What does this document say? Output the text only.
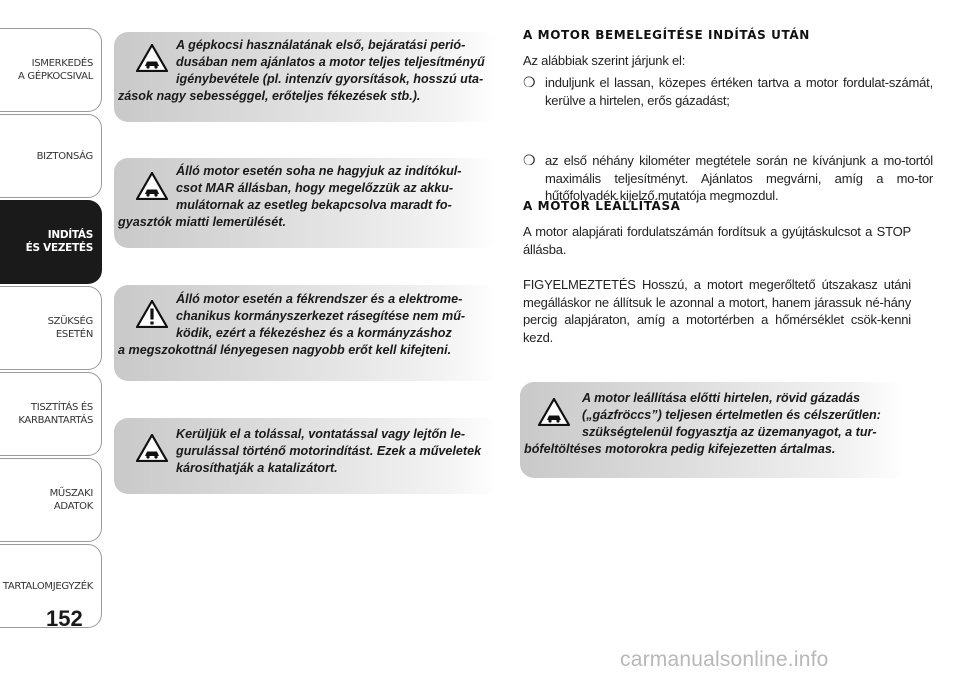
ISMERKEDÉS
A GÉPKOCSIVAL
BIZTONSÁG
INDÍTÁS
ÉS VEZETÉS
SZÜKSÉG
ESETÉN
TISZTÍTÁS ÉS
KARBANTARTÁS
MŰSZAKI
ADATOK
TARTALOMJEGYZÉK
152

A gépkocsi használatának első, bejáratási perió-

dusában nem ajánlatos a motor teljes teljesítményű

igénybevétele (pl. intenzív gyorsítások, hosszú uta-

zások nagy sebességgel, erőteljes fékezések stb.).

Álló motor esetén soha ne hagyjuk az indítókul-

csot MAR állásban, hogy megelőzzük az akku-

mulátornak az esetleg bekapcsolva maradt fo-

gyasztók miatti lemerülését.

Álló motor esetén a fékrendszer és a elektrome-

chanikus kormányszerkezet rásegítése nem mű-

ködik, ezért a fékezéshez és a kormányzáshoz

a megszokottnál lényegesen nagyobb erőt kell kifejteni.

Kerüljük el a tolással, vontatással vagy lejtőn le-

gurulással történő motorindítást. Ezek a műveletek

károsíthatják a katalizátort.

A MOTOR BEMELEGÍTÉSE INDÍTÁS UTÁN
Az alábbiak szerint járjunk el:
❍ induljunk el lassan, közepes értéken tartva a motor fordulat-számát, kerülve a hirtelen, erős gázadást;
❍ az első néhány kilométer megtétele során ne kívánjunk a mo-tortól maximális teljesítményt. Ajánlatos megvárni, amíg a mo-tor hűtőfolyadék kijelző mutatója megmozdul.
A MOTOR LEÁLLÍTÁSA
A motor alapjárati fordulatszámán fordítsuk a gyújtáskulcsot a STOP állásba.
FIGYELMEZTETÉS Hosszú, a motort megerőltető útszakasz utáni megálláskor ne állítsuk le azonnal a motort, hanem járassuk né-hány percig alapjáraton, amíg a motortérben a hőmérséklet csök-kenni kezd.

A motor leállítása előtti hirtelen, rövid gázadás

(„gázfröccs”) teljesen értelmetlen és célszerűtlen:

szükségtelenül fogyasztja az üzemanyagot, a tur-

bófeltöltéses motorokra pedig kifejezetten ártalmas.

carmanualsonline.info
